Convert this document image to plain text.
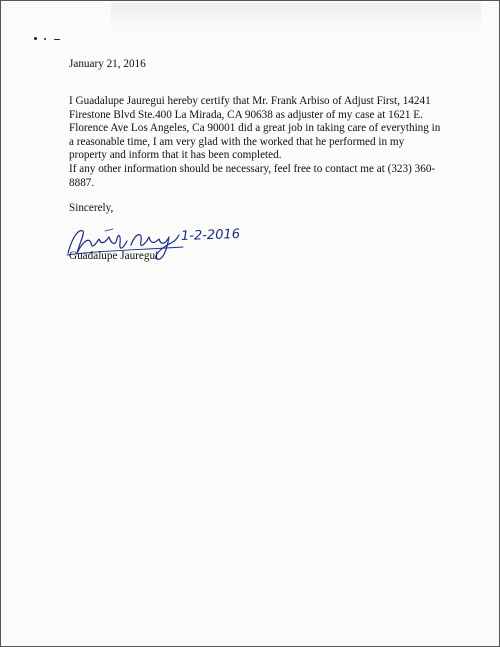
January 21, 2016

I Guadalupe Jauregui hereby certify that Mr. Frank Arbiso of Adjust First, 14241 Firestone Blvd Ste.400 La Mirada, CA 90638 as adjuster of my case at 1621 E. Florence Ave Los Angeles, Ca 90001 did a great job in taking care of everything in a reasonable time, I am very glad with the worked that he performed in my property and inform that it has been completed.

If any other information should be necessary, feel free to contact me at (323) 360-8887.

Sincerely,
1-2-2016
Guadalupe Jauregui
